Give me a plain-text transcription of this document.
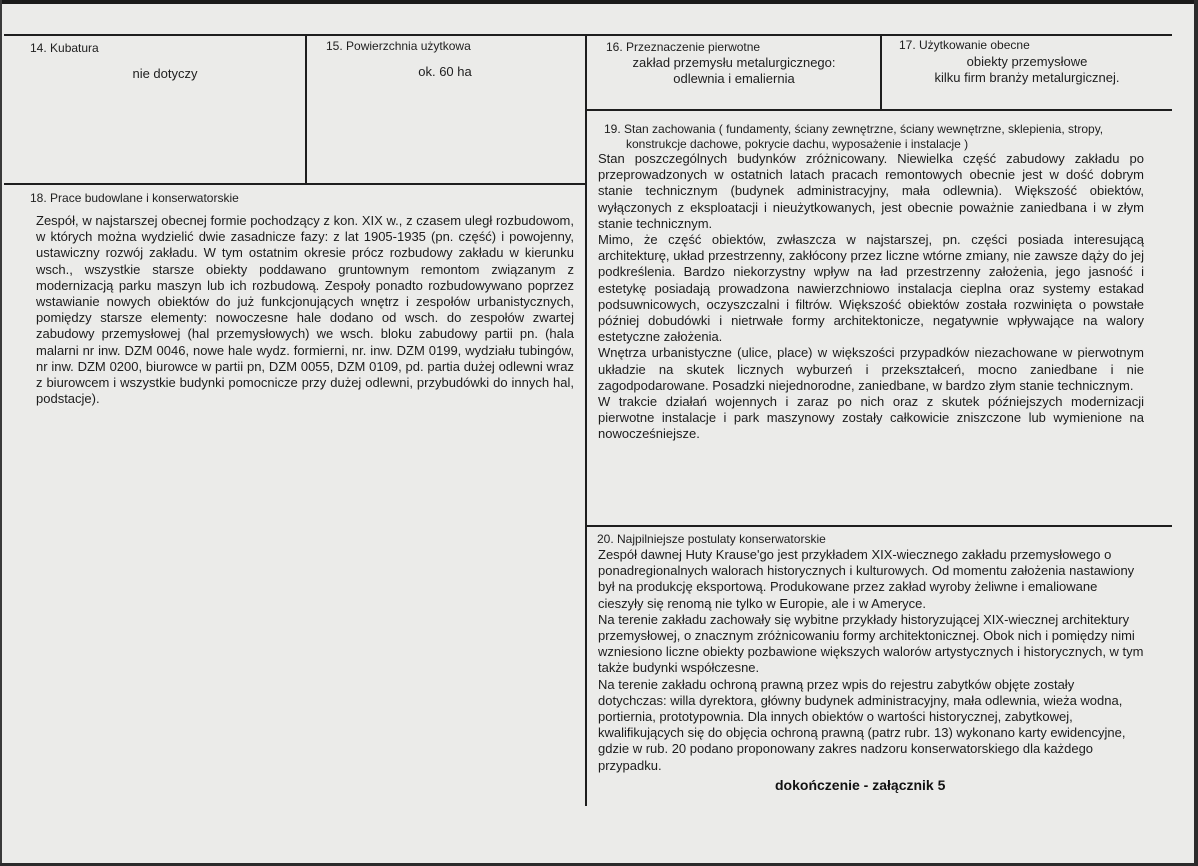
14. Kubatura
nie dotyczy
15. Powierzchnia użytkowa
ok. 60 ha
16. Przeznaczenie pierwotne
zakład przemysłu metalurgicznego:
odlewnia i emaliernia
17. Użytkowanie obecne
obiekty przemysłowe
kilku firm branży metalurgicznej.
19. Stan zachowania ( fundamenty, ściany zewnętrzne, ściany wewnętrzne, sklepienia, stropy,
konstrukcje dachowe, pokrycie dachu, wyposażenie i instalacje )

Stan poszczególnych budynków zróżnicowany. Niewielka część zabudowy zakładu po przeprowadzonych w ostatnich latach pracach remontowych obecnie jest w dość dobrym stanie technicznym (budynek administracyjny, mała odlewnia). Większość obiektów, wyłączonych z eksploatacji i nieużytkowanych, jest obecnie poważnie zaniedbana i w złym stanie technicznym.

Mimo, że część obiektów, zwłaszcza w najstarszej, pn. części posiada interesującą architekturę, układ przestrzenny, zakłócony przez liczne wtórne zmiany, nie zawsze dąży do jej podkreślenia. Bardzo niekorzystny wpływ na ład przestrzenny założenia, jego jasność i estetykę posiadają prowadzona nawierzchniowo instalacja cieplna oraz systemy estakad podsuwnicowych, oczyszczalni i filtrów. Większość obiektów została rozwinięta o powstałe później dobudówki i nietrwałe formy architektonicze, negatywnie wpływające na walory estetyczne założenia.

Wnętrza urbanistyczne (ulice, place) w większości przypadków niezachowane w pierwotnym układzie na skutek licznych wyburzeń i przekształceń, mocno zaniedbane i nie zagodpodarowane. Posadzki niejednorodne, zaniedbane, w bardzo złym stanie technicznym.

W trakcie działań wojennych i zaraz po nich oraz z skutek późniejszych modernizacji pierwotne instalacje i park maszynowy zostały całkowicie zniszczone lub wymienione na nowocześniejsze.

18. Prace budowlane i konserwatorskie

Zespół, w najstarszej obecnej formie pochodzący z kon. XIX w., z czasem uległ rozbudowom, w których można wydzielić dwie zasadnicze fazy: z lat 1905-1935 (pn. część) i powojenny, ustawiczny rozwój zakładu. W tym ostatnim okresie prócz rozbudowy zakładu w kierunku wsch., wszystkie starsze obiekty poddawano gruntownym remontom związanym z modernizacją parku maszyn lub ich rozbudową. Zespoły ponadto rozbudowywano poprzez wstawianie nowych obiektów do już funkcjonujących wnętrz i zespołów urbanistycznych, pomiędzy starsze elementy: nowoczesne hale dodano od wsch. do zespołów zwartej zabudowy przemysłowej (hal przemysłowych) we wsch. bloku zabudowy partii pn. (hala malarni nr inw. DZM 0046, nowe hale wydz. formierni, nr. inw. DZM 0199, wydziału tubingów, nr inw. DZM 0200, biurowce w partii pn, DZM 0055, DZM 0109, pd. partia dużej odlewni wraz z biurowcem i wszystkie budynki pomocnicze przy dużej odlewni, przybudówki do innych hal, podstacje).

20. Najpilniejsze postulaty konserwatorskie

Zespół dawnej Huty Krause'go jest przykładem XIX-wiecznego zakładu przemysłowego o ponadregionalnych walorach historycznych i kulturowych. Od momentu założenia nastawiony był na produkcję eksportową. Produkowane przez zakład wyroby żeliwne i emaliowane cieszyły się renomą nie tylko w Europie, ale i w Ameryce.

Na terenie zakładu zachowały się wybitne przykłady historyzującej XIX-wiecznej architektury przemysłowej, o znacznym zróżnicowaniu formy architektonicznej. Obok nich i pomiędzy nimi wzniesiono liczne obiekty pozbawione większych walorów artystycznych i historycznych, w tym także budynki współczesne.

Na terenie zakładu ochroną prawną przez wpis do rejestru zabytków objęte zostały dotychczas: willa dyrektora, główny budynek administracyjny, mała odlewnia, wieża wodna, portiernia, prototypownia. Dla innych obiektów o wartości historycznej, zabytkowej, kwalifikujących się do objęcia ochroną prawną (patrz rubr. 13) wykonano karty ewidencyjne, gdzie w rub. 20 podano proponowany zakres nadzoru konserwatorskiego dla każdego przypadku.

dokończenie - załącznik 5
